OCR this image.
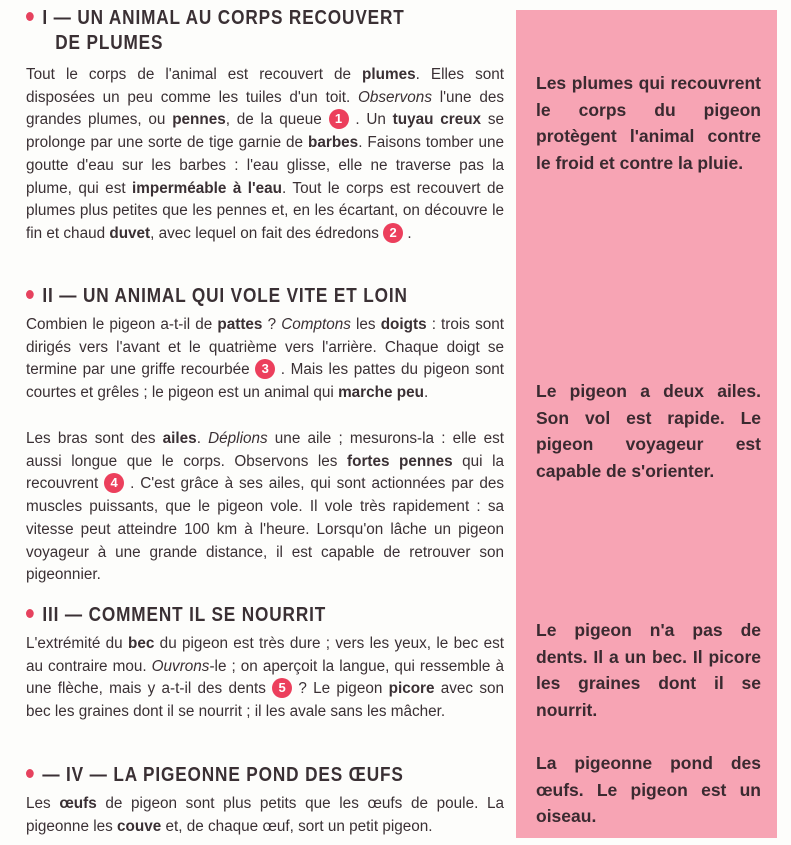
I — UN ANIMAL AU CORPS RECOUVERT
DE PLUMES
Tout le corps de l'animal est recouvert de plumes. Elles sont disposées un peu comme les tuiles d'un toit. Observons l'une des grandes plumes, ou pennes, de la queue 1 . Un tuyau creux se prolonge par une sorte de tige garnie de barbes. Faisons tomber une goutte d'eau sur les barbes : l'eau glisse, elle ne traverse pas la plume, qui est imperméable à l'eau. Tout le corps est recouvert de plumes plus petites que les pennes et, en les écartant, on découvre le fin et chaud duvet, avec lequel on fait des édredons 2 .
II — UN ANIMAL QUI VOLE VITE ET LOIN
Combien le pigeon a-t-il de pattes ? Comptons les doigts : trois sont dirigés vers l'avant et le quatrième vers l'arrière. Chaque doigt se termine par une griffe recourbée 3 . Mais les pattes du pigeon sont courtes et grêles ; le pigeon est un animal qui marche peu.
Les bras sont des ailes. Déplions une aile ; mesurons-la : elle est aussi longue que le corps. Observons les fortes pennes qui la recouvrent 4 . C'est grâce à ses ailes, qui sont actionnées par des muscles puissants, que le pigeon vole. Il vole très rapidement : sa vitesse peut atteindre 100 km à l'heure. Lorsqu'on lâche un pigeon voyageur à une grande distance, il est capable de retrouver son pigeonnier.
III — COMMENT IL SE NOURRIT
L'extrémité du bec du pigeon est très dure ; vers les yeux, le bec est au contraire mou. Ouvrons-le ; on aperçoit la langue, qui ressemble à une flèche, mais y a-t-il des dents 5 ? Le pigeon picore avec son bec les graines dont il se nourrit ; il les avale sans les mâcher.
— IV — LA PIGEONNE POND DES ŒUFS
Les œufs de pigeon sont plus petits que les œufs de poule. La pigeonne les couve et, de chaque œuf, sort un petit pigeon.
Les plumes qui recouvrent le corps du pigeon protègent l'animal contre le froid et contre la pluie.
Le pigeon a deux ailes. Son vol est rapide. Le pigeon voyageur est capable de s'orienter.
Le pigeon n'a pas de dents. Il a un bec. Il picore les graines dont il se nourrit.
La pigeonne pond des œufs. Le pigeon est un oiseau.
